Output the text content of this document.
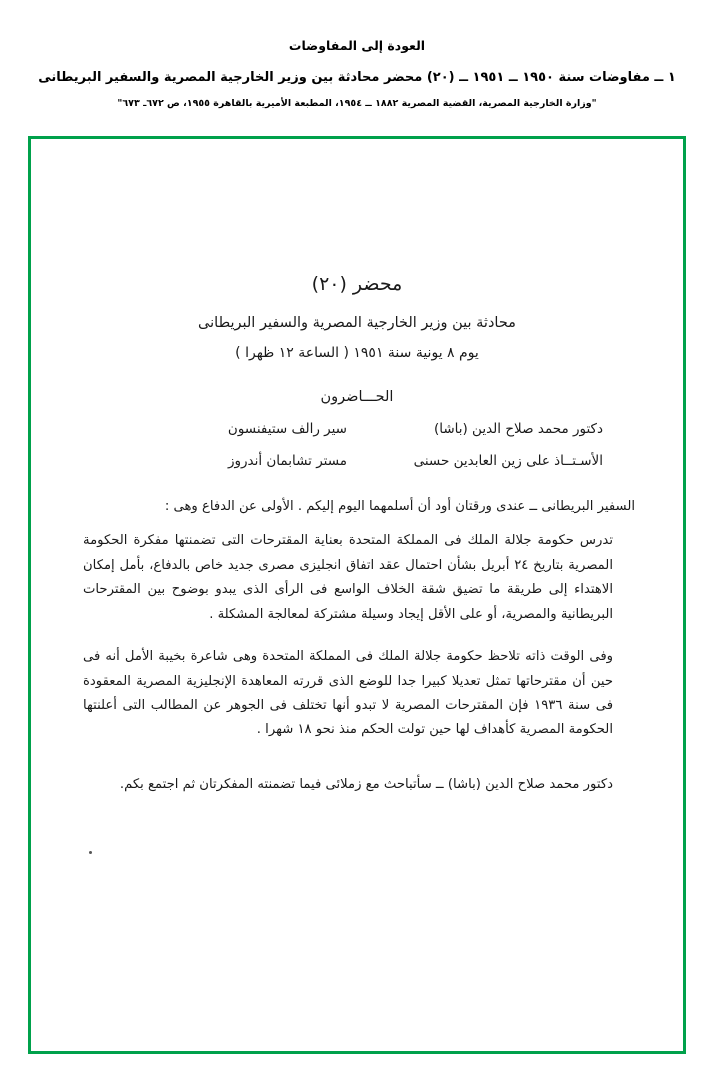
العودة إلى المفاوضات
١ ــ مفاوضات سنة ١٩٥٠ ــ ١٩٥١ ــ (٢٠) محضر محادثة بين وزير الخارجية المصرية والسفير البريطانى
"وزارة الخارجية المصرية، القضية المصرية ١٨٨٢ ــ ١٩٥٤، المطبعة الأميرية بالقاهرة ١٩٥٥، ص ٦٧٢ـ ٦٧٣"
محضر (٢٠)
محادثة بين وزير الخارجية المصرية والسفير البريطانى
يوم ٨ يونية سنة ١٩٥١ ( الساعة ١٢ ظهرا )
الحـــاضرون
دكتور محمد صلاح الدين (باشا)
سير رالف ستيفنسون
الأسـتــاذ على زين العابدين حسنى
مستر تشابمان أندروز
السفير البريطانى ــ عندى ورقتان أود أن أسلمهما اليوم إليكم . الأولى عن الدفاع وهى :
تدرس حكومة جلالة الملك فى المملكة المتحدة بعناية المقترحات التى تضمنتها مفكرة الحكومة المصرية بتاريخ ٢٤ أبريل بشأن احتمال عقد اتفاق انجليزى مصرى جديد خاص بالدفاع، بأمل إمكان الاهتداء إلى طريقة ما تضيق شقة الخلاف الواسع فى الرأى الذى يبدو بوضوح بين المقترحات البريطانية والمصرية، أو على الأقل إيجاد وسيلة مشتركة لمعالجة المشكلة .
وفى الوقت ذاته تلاحظ حكومة جلالة الملك فى المملكة المتحدة وهى شاعرة بخيبة الأمل أنه فى حين أن مقترحاتها تمثل تعديلا كبيرا جدا للوضع الذى قررته المعاهدة الإنجليزية المصرية المعقودة فى سنة ١٩٣٦ فإن المقترحات المصرية لا تبدو أنها تختلف فى الجوهر عن المطالب التى أعلنتها الحكومة المصرية كأهداف لها حين تولت الحكم منذ نحو ١٨ شهرا .
دكتور محمد صلاح الدين (باشا) ــ سأتباحث مع زملائى فيما تضمنته المفكرتان ثم اجتمع بكم.
